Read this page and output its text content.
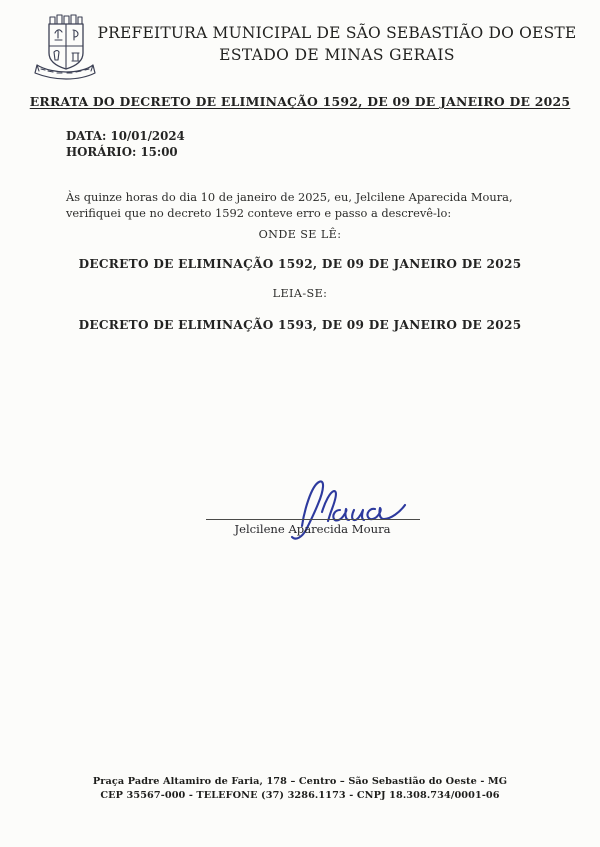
PREFEITURA MUNICIPAL DE SÃO SEBASTIÃO DO OESTE
ESTADO DE MINAS GERAIS
ERRATA DO DECRETO DE ELIMINAÇÃO 1592, DE 09 DE JANEIRO DE 2025
DATA: 10/01/2024
HORÁRIO: 15:00
Às quinze horas do dia 10 de janeiro de 2025, eu, Jelcilene Aparecida Moura, verifiquei que no decreto 1592 conteve erro e passo a descrevê-lo:
ONDE SE LÊ:
DECRETO DE ELIMINAÇÃO 1592, DE 09 DE JANEIRO DE 2025
LEIA-SE:
DECRETO DE ELIMINAÇÃO 1593, DE 09 DE JANEIRO DE 2025
Jelcilene Aparecida Moura
Praça Padre Altamiro de Faria, 178 – Centro – São Sebastião do Oeste - MG
CEP 35567-000 - TELEFONE (37) 3286.1173 - CNPJ 18.308.734/0001-06
